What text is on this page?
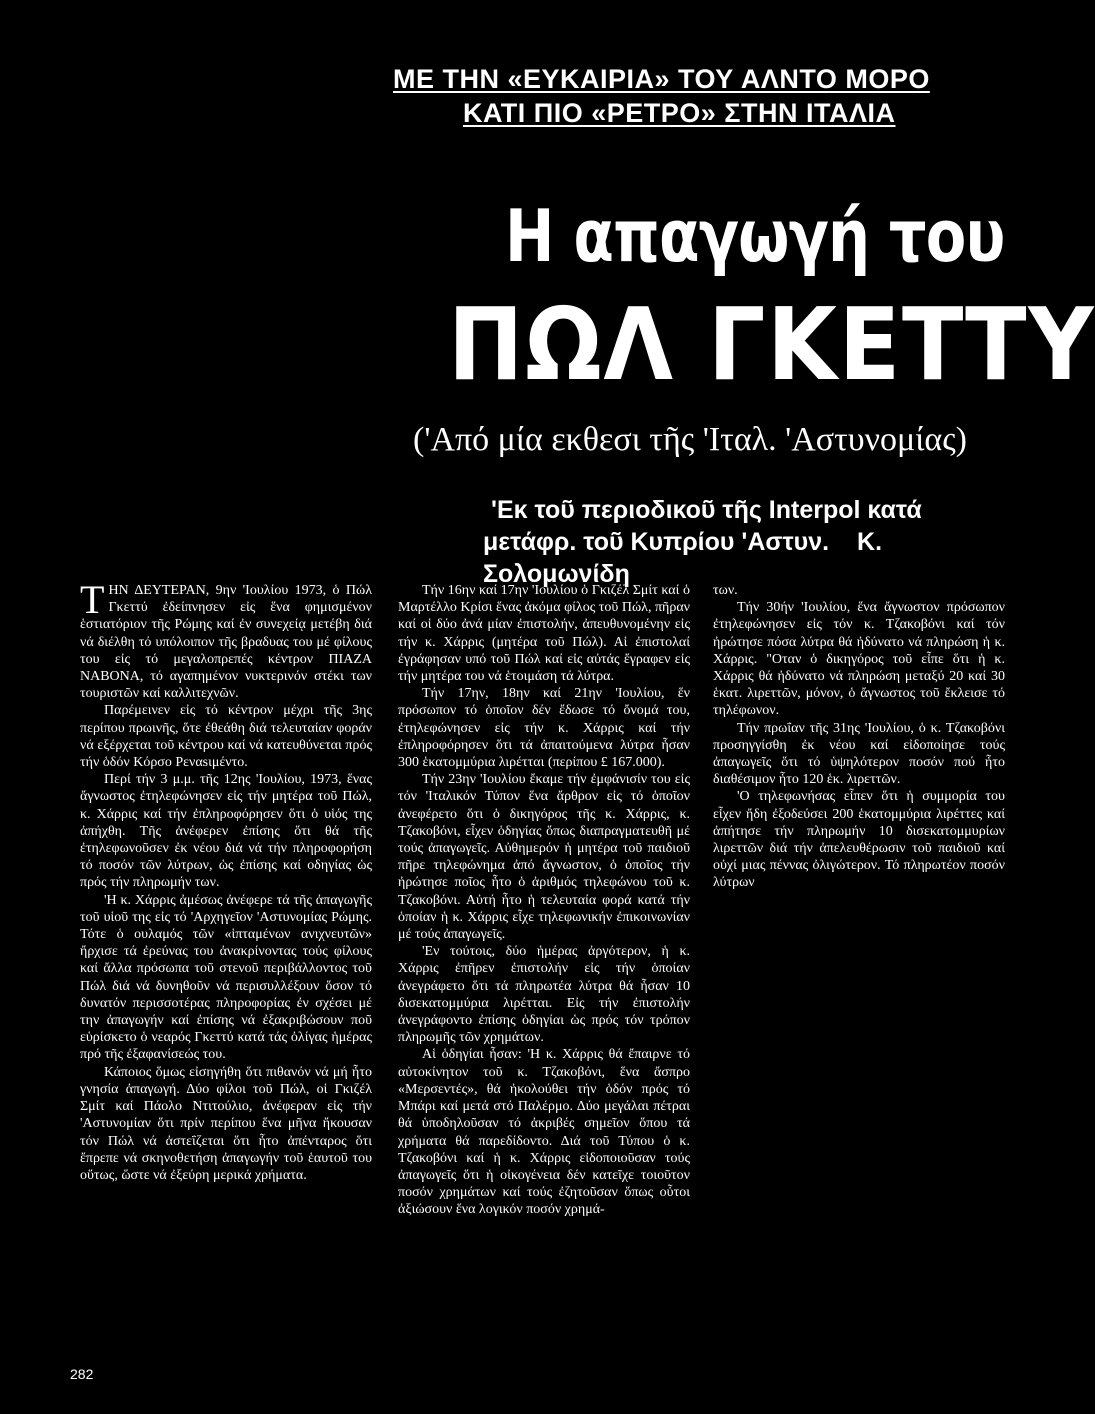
ΜΕ ΤΗΝ «ΕΥΚΑΙΡΙΑ» ΤΟΥ ΑΛΝΤΟ ΜΟΡΟ
ΚΑΤΙ ΠΙΟ «ΡΕΤΡΟ» ΣΤΗΝ ΙΤΑΛΙΑ
Η απαγωγή του
ΠΩΛ ΓΚΕΤΤΥ
('Από μία εκθεσι τῆς 'Ιταλ. 'Αστυνομίας)
'Εκ τοῦ περιοδικοῦ τῆς Interpol κατά
μετάφρ. τοῦ Κυπρίου 'Αστυν. Κ. Σολομωνίδη

ΤΗΝ ΔΕΥΤΕΡΑΝ, 9ην 'Ιουλίου 1973, ὁ Πώλ Γκεττύ ἐδείπνησεν εἰς ἕνα φημισμένον ἑστιατόριον τῆς Ρώμης καί ἐν συνεχείᾳ μετέβη διά νά διέλθη τό υπόλοιπον τῆς βραδυας του μέ φίλους του εἰς τό μεγαλοπρεπές κέντρον ΠΙΑΖΑ ΝΑΒΟΝΑ, τό αγαπημένον νυκτερινόν στέκι των τουριστῶν καί καλλιτεχνῶν.

Παρέμεινεν εἰς τό κέντρον μέχρι τῆς 3ης περίπου πρωινῆς, ὅτε ἐθεάθη διά τελευταίαν φοράν νά εξέρχεται τοῦ κέντρου καί νά κατευθύνεται πρός τήν ὁδόν Κόρσο Ρεναsιμέντο.

Περί τήν 3 μ.μ. τῆς 12ης 'Ιουλίου, 1973, ἕνας ἄγνωστος ἐτηλεφώνησεν εἰς τήν μητέρα τοῦ Πώλ, κ. Χάρρις καί τήν ἐπληροφόρησεν ὅτι ὁ υἱός της ἀπήχθη. Τῆς ἀνέφερεν ἐπίσης ὅτι θά τῆς ἐτηλεφωνοῦσεν ἐκ νέου διά νά τήν πληροφορήση τό ποσόν τῶν λύτρων, ὡς ἐπίσης καί οδηγίας ὡς πρός τήν πληρωμήν των.

'Η κ. Χάρρις ἀμέσως ἀνέφερε τά τῆς ἀπαγωγῆς τοῦ υἱοῦ της εἰς τό 'Αρχηγεῖον 'Αστυνομίας Ρώμης. Τότε ὁ ουλαμός τῶν «ἱπταμένων ανιχνευτῶν» ἤρχισε τά ἐρεύνας του ἀνακρίνοντας τούς φίλους καί ἄλλα πρόσωπα τοῦ στενοῦ περιβάλλοντος τοῦ Πώλ διά νά δυνηθοῦν νά περισυλλέξουν ὅσον τό δυνατόν περισσοτέρας πληροφορίας ἐν σχέσει μέ την ἀπαγωγήν καί ἐπίσης νά ἐξακριβώσουν ποῦ εὑρίσκετο ὁ νεαρός Γκεττύ κατά τάς ὀλίγας ἡμέρας πρό τῆς ἐξαφανίσεώς του.

Κάποιος ὅμως εἰσηγήθη ὅτι πιθανόν νά μή ἦτο γνησία ἀπαγωγή. Δύο φίλοι τοῦ Πώλ, οἱ Γκιζέλ Σμίτ καί Πάολο Ντιτούλιο, ἀνέφεραν εἰς τήν 'Αστυνομίαν ὅτι πρίν περίπου ἕνα μῆνα ἤκουσαν τόν Πώλ νά ἀστεΐζεται ὅτι ἦτο ἀπένταρος ὅτι ἔπρεπε νά σκηνοθετήση ἀπαγωγήν τοῦ ἑαυτοῦ του οὕτως, ὥστε νά ἐξεύρη μερικά χρήματα.

Τήν 16ην καί 17ην 'Ιουλίου ὁ Γκιζέλ Σμίτ καί ὁ Μαρτέλλο Κρίσι ἕνας ἀκόμα φίλος τοῦ Πώλ, πῆραν καί οἱ δύο ἀνά μίαν ἐπιστολήν, ἀπευθυνομένην εἰς τήν κ. Χάρρις (μητέρα τοῦ Πώλ). Αἱ ἐπιστολαί ἐγράφησαν υπό τοῦ Πώλ καί εἰς αὐτάς ἔγραφεν εἰς τήν μητέρα του νά ἑτοιμάση τά λύτρα.

Τήν 17ην, 18ην καί 21ην 'Ιουλίου, ἕν πρόσωπον τό ὁποῖον δέν ἔδωσε τό ὄνομά του, ἐτηλεφώνησεν εἰς τήν κ. Χάρρις καί τήν ἐπληροφόρησεν ὅτι τά ἀπαιτούμενα λύτρα ἦσαν 300 ἑκατομμύρια λιρέτται (περίπου £ 167.000).

Τήν 23ην 'Ιουλίου ἔκαμε τήν ἐμφάνισίν του εἰς τόν 'Ιταλικόν Τύπον ἕνα ἄρθρον εἰς τό ὁποῖον ἀνεφέρετο ὅτι ὁ δικηγόρος τῆς κ. Χάρρις, κ. Τζακοβόνι, εἶχεν ὁδηγίας ὅπως διαπραγματευθῆ μέ τούς ἀπαγωγεῖς. Αὐθημερόν ἡ μητέρα τοῦ παιδιοῦ πῆρε τηλεφώνημα ἀπό ἄγνωστον, ὁ ὁποῖος τήν ἠρώτησε ποῖος ἦτο ὁ ἀριθμός τηλεφώνου τοῦ κ. Τζακοβόνι. Αὐτή ἦτο ἡ τελευταία φορά κατά τήν ὁποίαν ἡ κ. Χάρρις εἶχε τηλεφωνικήν ἐπικοινωνίαν μέ τούς ἀπαγωγεῖς.

'Εν τούτοις, δύο ἡμέρας ἀργότερον, ἡ κ. Χάρρις ἐπῆρεν ἐπιστολήν εἰς τήν ὁποίαν ἀνεγράφετο ὅτι τά πληρωτέα λύτρα θά ἦσαν 10 δισεκατομμύρια λιρέτται. Εἰς τήν ἐπιστολήν ἀνεγράφοντο ἐπίσης ὁδηγίαι ὡς πρός τόν τρόπον πληρωμῆς τῶν χρημάτων.

Αἱ ὁδηγίαι ἦσαν: 'Η κ. Χάρρις θά ἔπαιρνε τό αὐτοκίνητον τοῦ κ. Τζακοβόνι, ἕνα ἄσπρο «Μερσεντές», θά ἠκολούθει τήν ὁδόν πρός τό Μπάρι καί μετά στό Παλέρμο. Δύο μεγάλαι πέτραι θά ὑποδηλοῦσαν τό ἀκριβές σημεῖον ὅπου τά χρήματα θά παρεδίδοντο. Διά τοῦ Τύπου ὁ κ. Τζακοβόνι καί ἡ κ. Χάρρις εἰδοποιοῦσαν τούς ἀπαγωγεῖς ὅτι ἡ οἰκογένεια δέν κατεῖχε τοιοῦτον ποσόν χρημάτων καί τούς ἐζητοῦσαν ὅπως οὗτοι ἀξιώσουν ἕνα λογικόν ποσόν χρημά-

των.

Τήν 30ήν 'Ιουλίου, ἕνα ἄγνωστον πρόσωπον ἐτηλεφώνησεν εἰς τόν κ. Τζακοβόνι καί τόν ἠρώτησε πόσα λύτρα θά ἠδύνατο νά πληρώση ἡ κ. Χάρρις. "Οταν ὁ δικηγόρος τοῦ εἶπε ὅτι ἡ κ. Χάρρις θά ἠδύνατο νά πληρώση μεταξύ 20 καί 30 ἑκατ. λιρεττῶν, μόνον, ὁ ἄγνωστος τοῦ ἔκλεισε τό τηλέφωνον.

Τήν πρωΐαν τῆς 31ης 'Ιουλίου, ὁ κ. Τζακοβόνι προσηγγίσθη ἐκ νέου καί εἰδοποίησε τούς ἀπαγωγεῖς ὅτι τό ὑψηλότερον ποσόν πού ἦτο διαθέσιμον ἦτο 120 ἑκ. λιρεττῶν.

'Ο τηλεφωνήσας εἶπεν ὅτι ἡ συμμορία του εἶχεν ἤδη ἐξοδεύσει 200 ἑκατομμύρια λιρέττες καί ἀπήτησε τήν πληρωμήν 10 δισεκατομμυρίων λιρεττῶν διά τήν ἀπελευθέρωσιν τοῦ παιδιοῦ καί οὐχί μιας πέννας ὀλιγώτερον. Τό πληρωτέον ποσόν λύτρων

282
